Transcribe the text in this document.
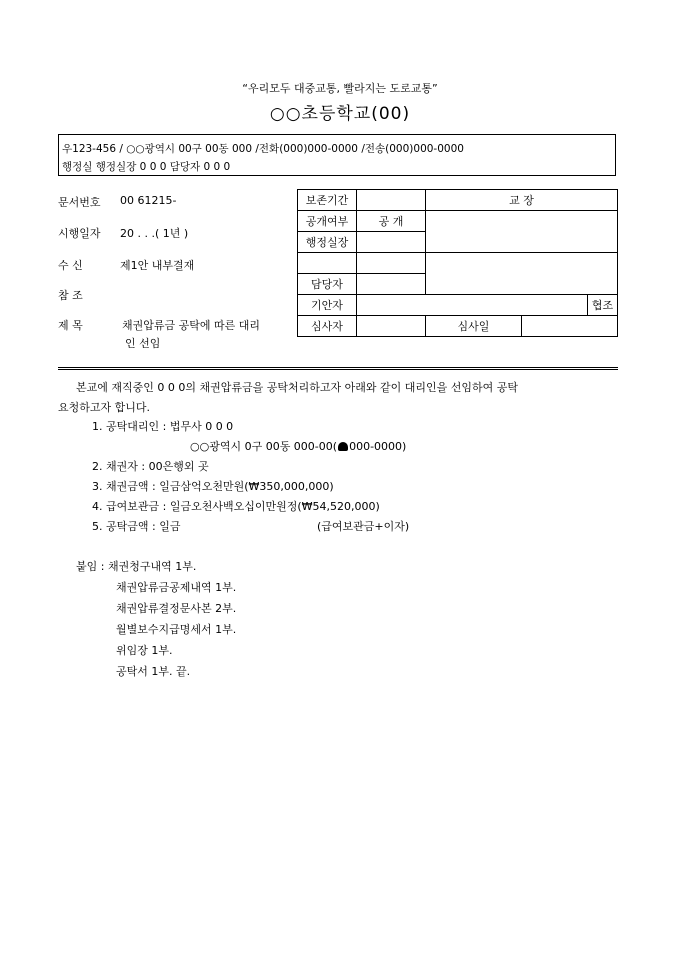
“우리모두 대중교통, 빨라지는 도로교통”
○○초등학교(00)
우123-456 / ○○광역시 00구 00동 000 /전화(000)000-0000 /전송(000)000-0000
행정실 행정실장 0 0 0 담당자 0 0 0
문서번호 00 61215-
시행일자 20 . . .( 1년 )
수 신	제1안 내부결재
참 조
제 목	채권압류금 공탁에 따른 대리
인 선임
보존기간		교 장		
공개여부	공 개			
행정실장				

담당자				
기안자				협조
심사자		심사일		
본교에 재직중인 0 0 0의 채권압류금을 공탁처리하고자 아래와 같이 대리인을 선임하여 공탁
요청하고자 합니다.
1. 공탁대리인 : 법무사 0 0 0
○○광역시 0구 00동 000-00( 000-0000)
2. 채권자 : 00은행외 곳
3. 채권금액 : 일금삼억오천만원(₩350,000,000)
4. 급여보관금 : 일금오천사백오십이만원정(₩54,520,000)
5. 공탁금액 : 일금	(급여보관금+이자)
붙임 : 채권청구내역 1부.
채권압류금공제내역 1부.
채권압류결정문사본 2부.
월별보수지급명세서 1부.
위임장 1부.
공탁서 1부. 끝.
